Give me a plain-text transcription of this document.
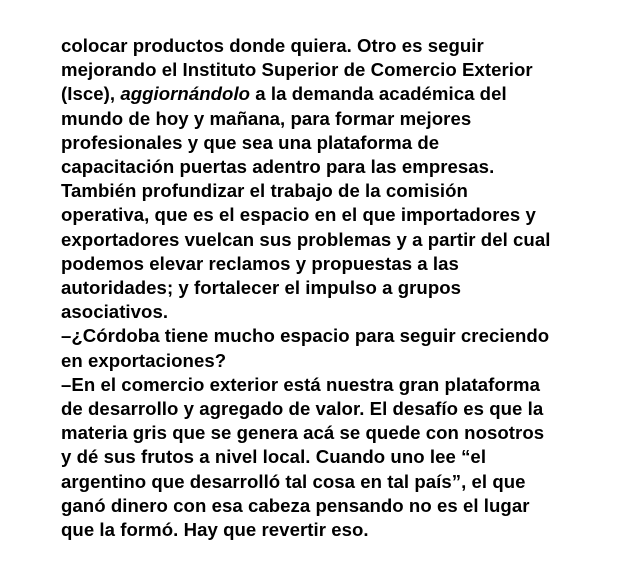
colocar productos donde quiera. Otro es seguir
mejorando el Instituto Superior de Comercio Exterior
(Isce), aggiornándolo a la demanda académica del
mundo de hoy y mañana, para formar mejores
profesionales y que sea una plataforma de
capacitación puertas adentro para las empresas.
También profundizar el trabajo de la comisión
operativa, que es el espacio en el que importadores y
exportadores vuelcan sus problemas y a partir del cual
podemos elevar reclamos y propuestas a las
autoridades; y fortalecer el impulso a grupos
asociativos.
–¿Córdoba tiene mucho espacio para seguir creciendo
en exportaciones?
–En el comercio exterior está nuestra gran plataforma
de desarrollo y agregado de valor. El desafío es que la
materia gris que se genera acá se quede con nosotros
y dé sus frutos a nivel local. Cuando uno lee “el
argentino que desarrolló tal cosa en tal país”, el que
ganó dinero con esa cabeza pensando no es el lugar
que la formó. Hay que revertir eso.
